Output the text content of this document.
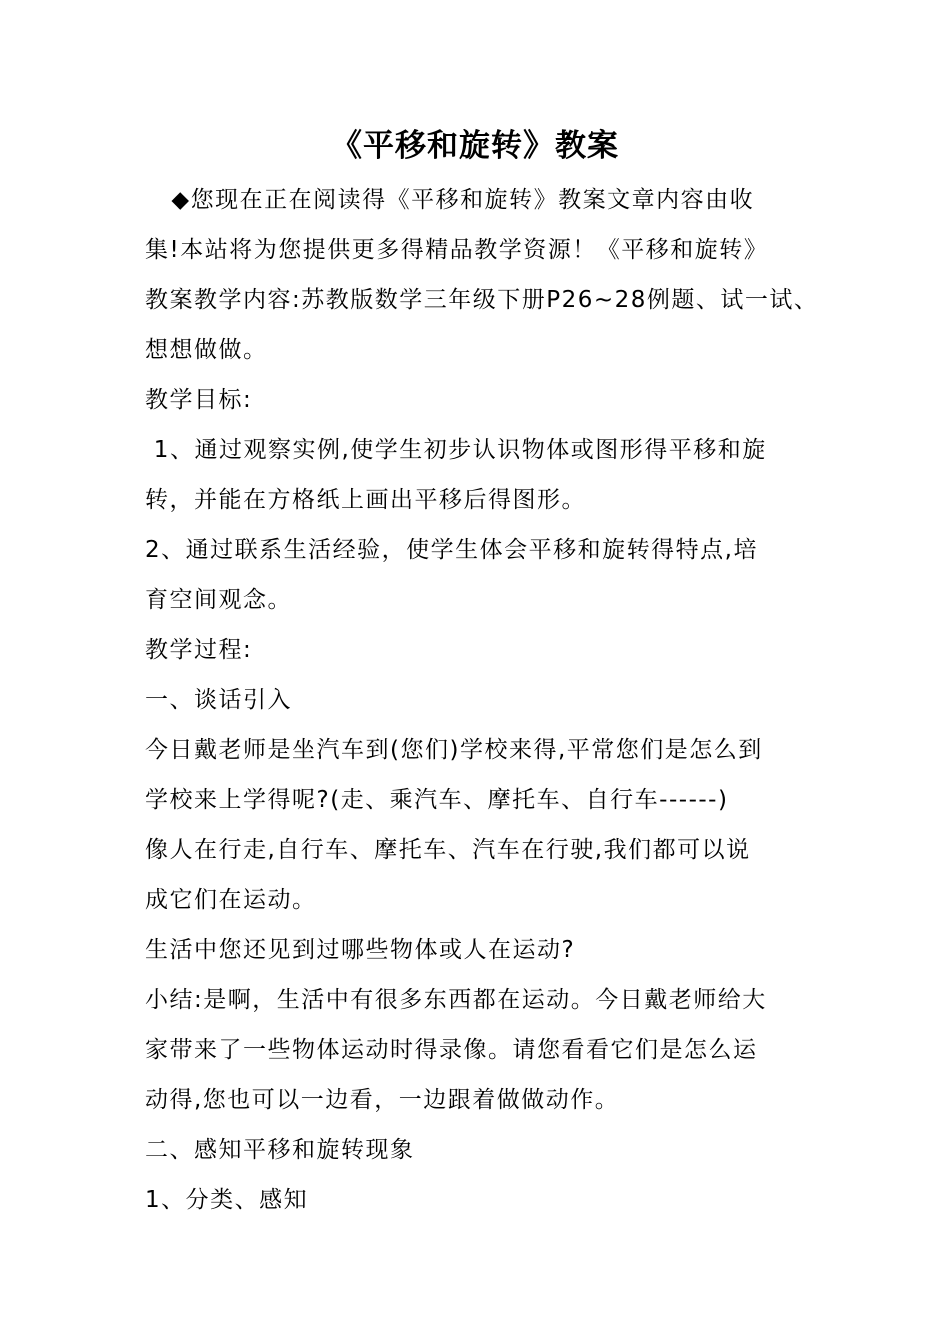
《平移和旋转》教案
◆您现在正在阅读得《平移和旋转》教案文章内容由收
集!本站将为您提供更多得精品教学资源！《平移和旋转》
教案教学内容:苏教版数学三年级下册P26~28例题、试一试、
想想做做。
教学目标:
1、通过观察实例,使学生初步认识物体或图形得平移和旋
转，并能在方格纸上画出平移后得图形。
2、通过联系生活经验，使学生体会平移和旋转得特点,培
育空间观念。
教学过程:
一、谈话引入
今日戴老师是坐汽车到(您们)学校来得,平常您们是怎么到
学校来上学得呢?(走、乘汽车、摩托车、自行车------)
像人在行走,自行车、摩托车、汽车在行驶,我们都可以说
成它们在运动。
生活中您还见到过哪些物体或人在运动?
小结:是啊，生活中有很多东西都在运动。今日戴老师给大
家带来了一些物体运动时得录像。请您看看它们是怎么运
动得,您也可以一边看，一边跟着做做动作。
二、感知平移和旋转现象
1、分类、感知
